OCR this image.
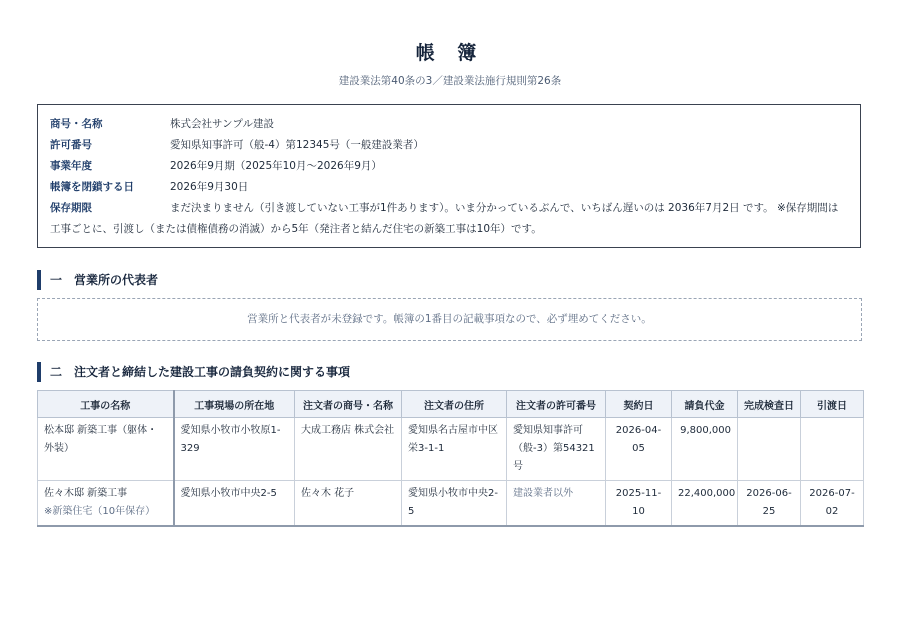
帳 簿
建設業法第40条の3／建設業法施行規則第26条
商号・名称	株式会社サンプル建設
許可番号	愛知県知事許可（般-4）第12345号（一般建設業者）
事業年度	2026年9月期（2025年10月〜2026年9月）
帳簿を閉鎖する日	2026年9月30日
保存期限	まだ決まりません（引き渡していない工事が1件あります）。いま分かっているぶんで、いちばん遅いのは 2036年7月2日 です。 ※保存期間は工事ごとに、引渡し（または債権債務の消滅）から5年（発注者と結んだ住宅の新築工事は10年）です。
一　営業所の代表者
営業所と代表者が未登録です。帳簿の1番目の記載事項なので、必ず埋めてください。
二　注文者と締結した建設工事の請負契約に関する事項
工事の名称	工事現場の所在地	注文者の商号・名称	注文者の住所	注文者の許可番号	契約日	請負代金	完成検査日	引渡日
松本邸 新築工事（躯体・外装）	愛知県小牧市小牧原1-329	大成工務店 株式会社	愛知県名古屋市中区栄3-1-1	愛知県知事許可（般-3）第54321号	2026-04-05	9,800,000		
佐々木邸 新築工事
※新築住宅（10年保存）	愛知県小牧市中央2-5	佐々木 花子	愛知県小牧市中央2-5	建設業者以外	2025-11-10	22,400,000	2026-06-25	2026-07-02
